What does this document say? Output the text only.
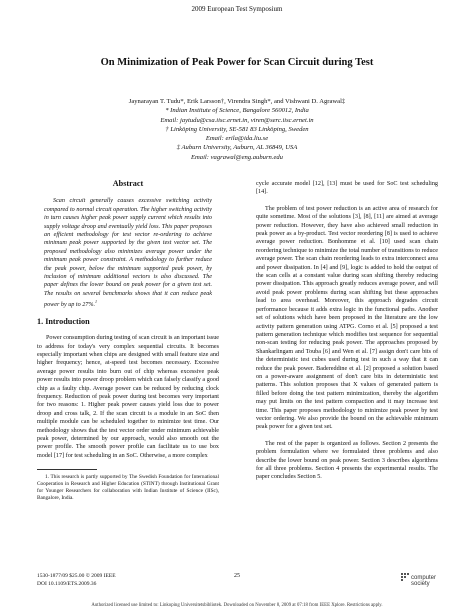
2009 European Test Symposium
On Minimization of Peak Power for Scan Circuit during Test
Jaynarayan T. Tudu*, Erik Larsson†, Virendra Singh*, and Vishwani D. Agrawal‡
* Indian Institute of Science, Bangalore 560012, India
Email: jaytudu@csa.iisc.ernet.in, viren@serc.iisc.ernet.in
† Linköping University, SE-581 83 Linköping, Sweden
Email: erila@ida.liu.se
‡ Auburn University, Auburn, AL 36849, USA
Email: vagrawal@eng.auburn.edu
Abstract

Scan circuit generally causes excessive switching activity compared to normal circuit operation. The higher switching activity in turn causes higher peak power supply current which results into supply voltage droop and eventually yield loss. This paper proposes an efficient methodology for test vector re-ordering to achieve minimum peak power supported by the given test vector set. The proposed methodology also minimizes average power under the minimum peak power constraint. A methodology to further reduce the peak power, below the minimum supported peak power, by inclusion of minimum additional vectors is also discussed. The paper defines the lower bound on peak power for a given test set. The results on several benchmarks shows that it can reduce peak power by up to 27%.$^1$

1. Introduction

Power consumption during testing of scan circuit is an important issue to address for today's very complex sequential circuits. It becomes especially important when chips are designed with small feature size and higher frequency; hence, at-speed test becomes necessary. Excessive average power results into burn out of chip whereas excessive peak power results into power droop problem which can falsely classify a good chip as a faulty chip. Average power can be reduced by reducing clock frequency. Reduction of peak power during test becomes very important for two reasons: 1. Higher peak power causes yield loss due to power droop and cross talk, 2. If the scan circuit is a module in an SoC then multiple module can be scheduled together to minimize test time. Our methodology shows that the test vector order under minimum achievable peak power, determined by our approach, would also smooth out the power profile. The smooth power profile can facilitate us to use box model [17] for test scheduling in an SoC. Otherwise, a more complex

1. This research is partly supported by The Swedish Foundation for International Cooperation in Research and Higher Education (STINT) through Institutional Grant for Younger Researchers for collaboration with Indian Institute of Science (IISc), Bangalore, India.

cycle accurate model [12], [13] must be used for SoC test scheduling [14].

The problem of test power reduction is an active area of research for quite sometime. Most of the solutions [3], [8], [11] are aimed at average power reduction. However, they have also achieved small reduction in peak power as a by-product. Test vector reordering [8] is used to achieve average power reduction. Bonhomme et al. [10] used scan chain reordering technique to minimize the total number of transitions to reduce average power. The scan chain reordering leads to extra interconnect area and power dissipation. In [4] and [9], logic is added to hold the output of the scan cells at a constant value during scan shifting thereby reducing power dissipation. This approach greatly reduces average power, and will avoid peak power problems during scan shifting but these approaches lead to area overhead. Moreover, this approach degrades circuit performance because it adds extra logic in the functional paths. Another set of solutions which have been proposed in the literature are the low activity pattern generation using ATPG. Corno et al. [5] proposed a test pattern generation technique which modifies test sequence for sequential non-scan testing for reducing peak power. The approaches proposed by Shankarlingam and Touba [6] and Wen et al. [7] assign don't care bits of the deterministic test cubes used during test in such a way that it can reduce the peak power. Badereddine et al. [2] proposed a solution based on a power-aware assignment of don't care bits in deterministic test patterns. This solution proposes that X values of generated pattern is filled before doing the test pattern minimization, thereby the algorithm may put limits on the test pattern compaction and it may increase test time. This paper proposes methodology to minimize peak power by test vector ordering. We also provide the bound on the achievable minimum peak power for a given test set.

The rest of the paper is organized as follows. Section 2 presents the problem formulation where we formulated three problems and also describe the lower bound on peak power. Section 3 describes algorithms for all three problems. Section 4 presents the experimental results. The paper concludes Section 5.

1530-1877/09 $25.00 © 2009 IEEE
DOI 10.1109/ETS.2009.36
25	computer
society
Authorized licensed use limited to: Linkoping Universitetsbibliotek. Downloaded on November 8, 2009 at 07:18 from IEEE Xplore. Restrictions apply.
